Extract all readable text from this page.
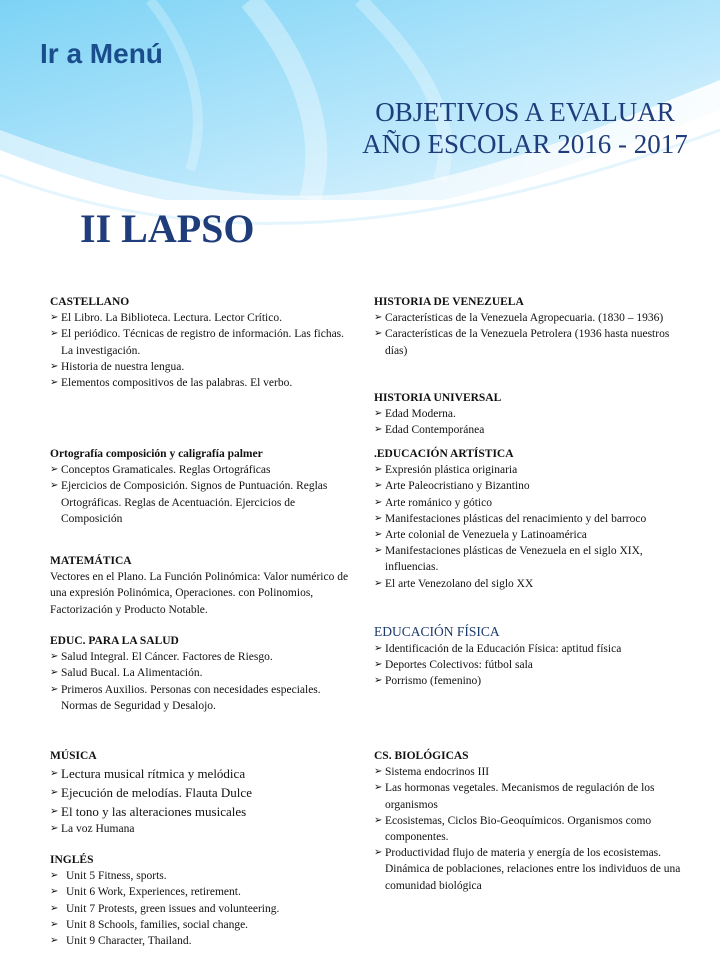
Ir a Menú
OBJETIVOS A EVALUAR
AÑO ESCOLAR 2016 - 2017
II LAPSO
CASTELLANO
➢ El Libro. La Biblioteca. Lectura. Lector Crítico.
➢ El periódico. Técnicas de registro de información. Las fichas. La investigación.
➢ Historia de nuestra lengua.
➢ Elementos compositivos de las palabras. El verbo.
Ortografía composición y caligrafía palmer
➢ Conceptos Gramaticales. Reglas Ortográficas
➢ Ejercicios de Composición. Signos de Puntuación. Reglas Ortográficas. Reglas de Acentuación. Ejercicios de Composición
MATEMÁTICA

Vectores en el Plano. La Función Polinómica: Valor numérico de una expresión Polinómica, Operaciones. con Polinomios, Factorización y Producto Notable.

EDUC. PARA LA SALUD
➢ Salud Integral. El Cáncer. Factores de Riesgo.
➢ Salud Bucal. La Alimentación.
➢ Primeros Auxilios. Personas con necesidades especiales. Normas de Seguridad y Desalojo.
MÚSICA
➢ Lectura musical rítmica y melódica
➢ Ejecución de melodías. Flauta Dulce
➢ El tono y las alteraciones musicales
➢ La voz Humana
INGLÉS
➢ Unit 5 Fitness, sports.
➢ Unit 6 Work, Experiences, retirement.
➢ Unit 7 Protests, green issues and volunteering.
➢ Unit 8 Schools, families, social change.
➢ Unit 9 Character, Thailand.
HISTORIA DE VENEZUELA
➢ Características de la Venezuela Agropecuaria. (1830 – 1936)
➢ Características de la Venezuela Petrolera (1936 hasta nuestros días)
HISTORIA UNIVERSAL
➢ Edad Moderna.
➢ Edad Contemporánea
.EDUCACIÓN ARTÍSTICA
➢ Expresión plástica originaria
➢ Arte Paleocristiano y Bizantino
➢ Arte románico y gótico
➢ Manifestaciones plásticas del renacimiento y del barroco
➢ Arte colonial de Venezuela y Latinoamérica
➢ Manifestaciones plásticas de Venezuela en el siglo XIX, influencias.
➢ El arte Venezolano del siglo XX
EDUCACIÓN FÍSICA
➢ Identificación de la Educación Física: aptitud física
➢ Deportes Colectivos: fútbol sala
➢ Porrismo (femenino)
CS. BIOLÓGICAS
➢ Sistema endocrinos III
➢ Las hormonas vegetales. Mecanismos de regulación de los organismos
➢ Ecosistemas, Ciclos Bio-Geoquímicos. Organismos como componentes.
➢ Productividad flujo de materia y energía de los ecosistemas. Dinámica de poblaciones, relaciones entre los individuos de una comunidad biológica
